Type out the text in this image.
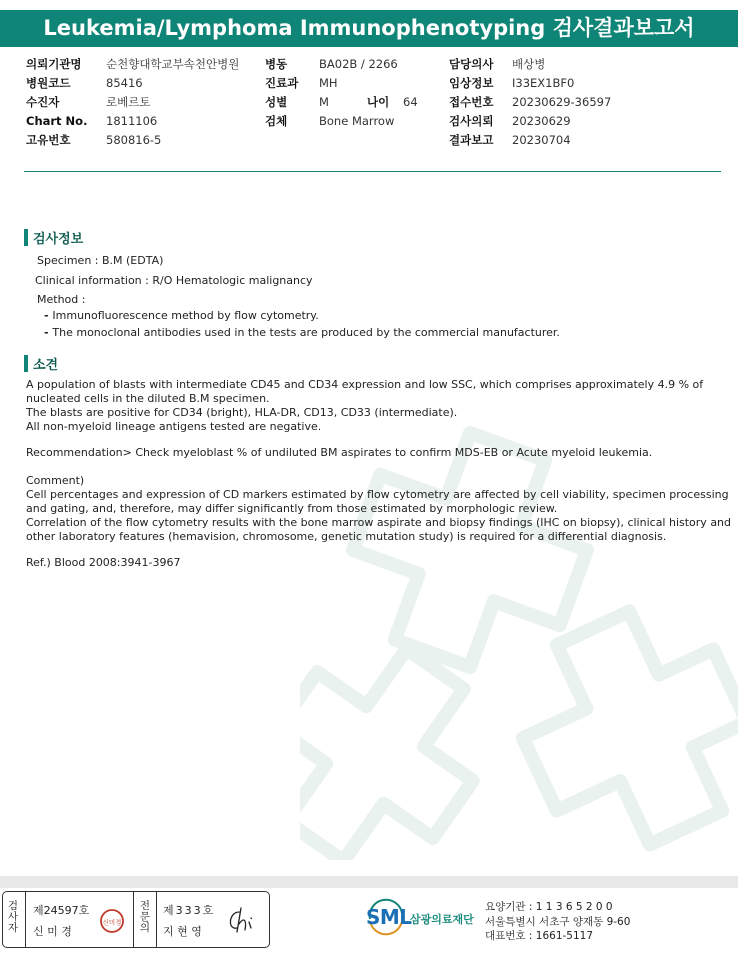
Leukemia/Lymphoma Immunophenotyping 검사결과보고서
의뢰기관명	순천향대학교부속천안병원
병원코드	85416
수진자	로베르토
Chart No.	1811106
고유번호	580816-5
병동	BA02B / 2266
진료과	MH
성별	M	나이	64
검체	Bone Marrow
담당의사	배상병
임상정보	I33EX1BF0
접수번호	20230629-36597
검사의뢰	20230629
결과보고	20230704
검사정보
Specimen : B.M (EDTA)
Clinical information : R/O Hematologic malignancy
Method :
- Immunofluorescence method by flow cytometry.
- The monoclonal antibodies used in the tests are produced by the commercial manufacturer.
소견
A population of blasts with intermediate CD45 and CD34 expression and low SSC, which comprises approximately 4.9 % of
nucleated cells in the diluted B.M specimen.
The blasts are positive for CD34 (bright), HLA-DR, CD13, CD33 (intermediate).
All non-myeloid lineage antigens tested are negative.
Recommendation> Check myeloblast % of undiluted BM aspirates to confirm MDS-EB or Acute myeloid leukemia.
Comment)
Cell percentages and expression of CD markers estimated by flow cytometry are affected by cell viability, specimen processing
and gating, and, therefore, may differ significantly from those estimated by morphologic review.
Correlation of the flow cytometry results with the bone marrow aspirate and biopsy findings (IHC on biopsy), clinical history and
other laboratory features (hemavision, chromosome, genetic mutation study) is required for a differential diagnosis.
Ref.) Blood 2008:3941-3967
검사자
제24597호
신 미 경
신미경
전문의
제333호
지 현 영
SML
삼광의료재단
요양기관 : 1 1 3 6 5 2 0 0
서울특별시 서초구 양재동 9-60
대표번호 : 1661-5117
